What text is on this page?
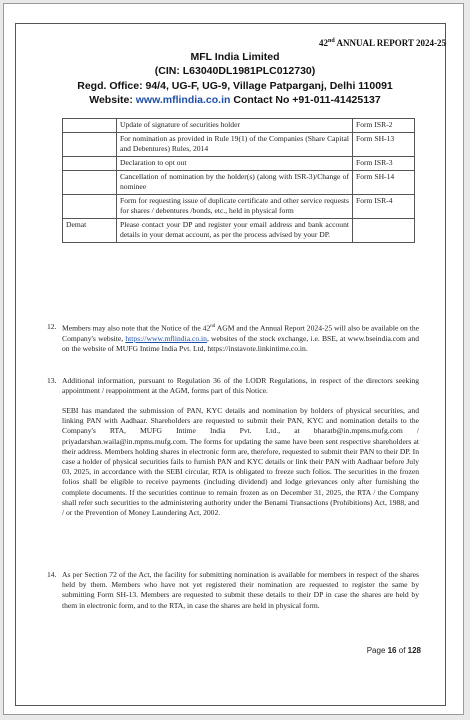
42nd ANNUAL REPORT 2024-25
MFL India Limited
(CIN: L63040DL1981PLC012730)
Regd. Office: 94/4, UG-F, UG-9, Village Patparganj, Delhi 110091
Website: www.mflindia.co.in Contact No +91-011-41425137
	Update of signature of securities holder	Form ISR-2
	For nomination as provided in Rule 19(1) of the Companies (Share Capital and Debentures) Rules, 2014	Form SH-13
	Declaration to opt out	Form ISR-3
	Cancellation of nomination by the holder(s) (along with ISR-3)/Change of nominee	Form SH-14
	Form for requesting issue of duplicate certificate and other service requests for shares / debentures /bonds, etc., held in physical form	Form ISR-4
Demat	Please contact your DP and register your email address and bank account details in your demat account, as per the process advised by your DP.	
12. Members may also note that the Notice of the 42nd AGM and the Annual Report 2024-25 will also be available on the Company's website, https://www.mflindia.co.in, websites of the stock exchange, i.e. BSE, at www.bseindia.com and on the website of MUFG Intime India Pvt. Ltd, https://instavote.linkintime.co.in.
13. Additional information, pursuant to Regulation 36 of the LODR Regulations, in respect of the directors seeking appointment / reappointment at the AGM, forms part of this Notice.
SEBI has mandated the submission of PAN, KYC details and nomination by holders of physical securities, and linking PAN with Aadhaar. Shareholders are requested to submit their PAN, KYC and nomination details to the Company's RTA, MUFG Intime India Pvt. Ltd., at bharatb@in.mpms.mufg.com / priyadarshan.waila@in.mpms.mufg.com. The forms for updating the same have been sent respective shareholders at their address. Members holding shares in electronic form are, therefore, requested to submit their PAN to their DP. In case a holder of physical securities fails to furnish PAN and KYC details or link their PAN with Aadhaar before July 03, 2025, in accordance with the SEBI circular, RTA is obligated to freeze such folios. The securities in the frozen folios shall be eligible to receive payments (including dividend) and lodge grievances only after furnishing the complete documents. If the securities continue to remain frozen as on December 31, 2025, the RTA / the Company shall refer such securities to the administering authority under the Benami Transactions (Prohibitions) Act, 1988, and / or the Prevention of Money Laundering Act, 2002.
14. As per Section 72 of the Act, the facility for submitting nomination is available for members in respect of the shares held by them. Members who have not yet registered their nomination are requested to register the same by submitting Form SH-13. Members are requested to submit these details to their DP in case the shares are held by them in electronic form, and to the RTA, in case the shares are held in physical form.
Page 16 of 128
